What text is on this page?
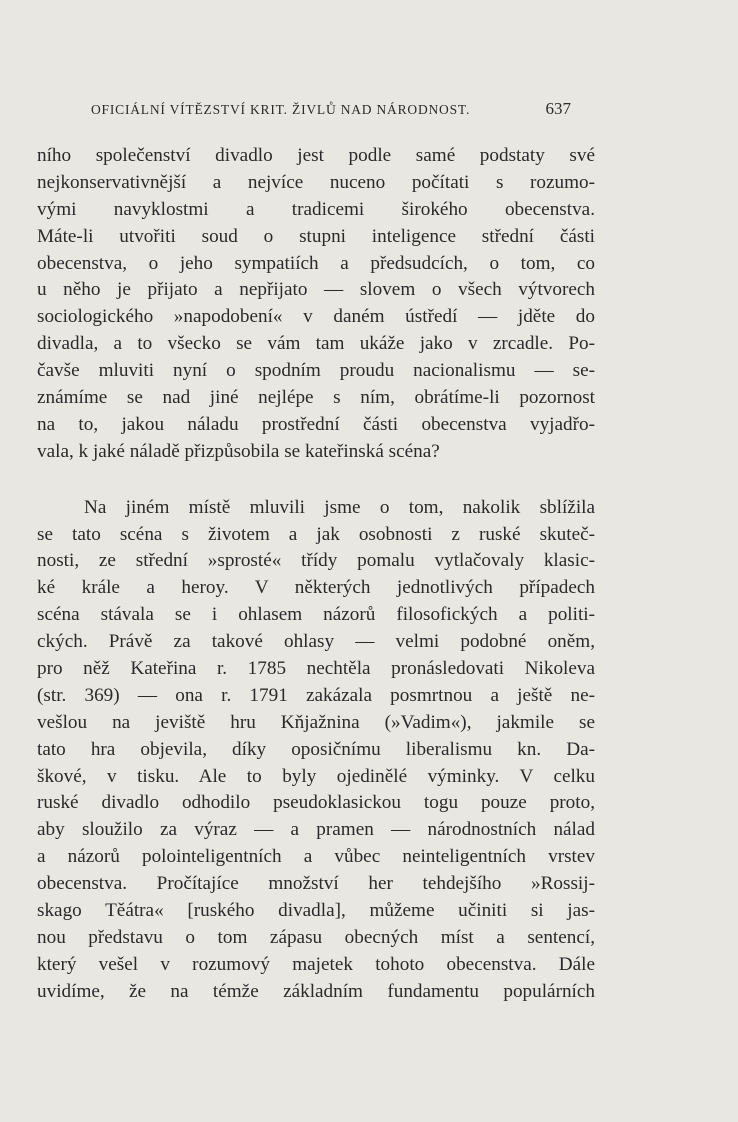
OFICIÁLNÍ VÍTĚZSTVÍ KRIT. ŽIVLŮ NAD NÁRODNOST.	637
ního společenství divadlo jest podle samé podstaty své
nejkonservativnější a nejvíce nuceno počítati s rozumo-
vými navyklostmi a tradicemi širokého obecenstva.
Máte-li utvořiti soud o stupni inteligence střední části
obecenstva, o jeho sympatiích a předsudcích, o tom, co
u něho je přijato a nepřijato — slovem o všech výtvorech
sociologického »napodobení« v daném ústředí — jděte do
divadla, a to všecko se vám tam ukáže jako v zrcadle. Po-
čavše mluviti nyní o spodním proudu nacionalismu — se-
známíme se nad jiné nejlépe s ním, obrátíme-li pozornost
na to, jakou náladu prostřední části obecenstva vyjadřo-
vala, k jaké náladě přizpůsobila se kateřinská scéna?
Na jiném místě mluvili jsme o tom, nakolik sblížila
se tato scéna s životem a jak osobnosti z ruské skuteč-
nosti, ze střední »sprosté« třídy pomalu vytlačovaly klasic-
ké krále a heroy. V některých jednotlivých případech
scéna stávala se i ohlasem názorů filosofických a politi-
ckých. Právě za takové ohlasy — velmi podobné oněm,
pro něž Kateřina r. 1785 nechtěla pronásledovati Nikoleva
(str. 369) — ona r. 1791 zakázala posmrtnou a ještě ne-
vešlou na jeviště hru Kňjažnina (»Vadim«), jakmile se
tato hra objevila, díky oposičnímu liberalismu kn. Da-
škové, v tisku. Ale to byly ojedinělé výminky. V celku
ruské divadlo odhodilo pseudoklasickou togu pouze proto,
aby sloužilo za výraz — a pramen — národnostních nálad
a názorů polointeligentních a vůbec neinteligentních vrstev
obecenstva. Pročítajíce množství her tehdejšího »Rossij-
skago Těátra« [ruského divadla], můžeme učiniti si jas-
nou představu o tom zápasu obecných míst a sentencí,
který vešel v rozumový majetek tohoto obecenstva. Dále
uvidíme, že na témže základním fundamentu populárních
